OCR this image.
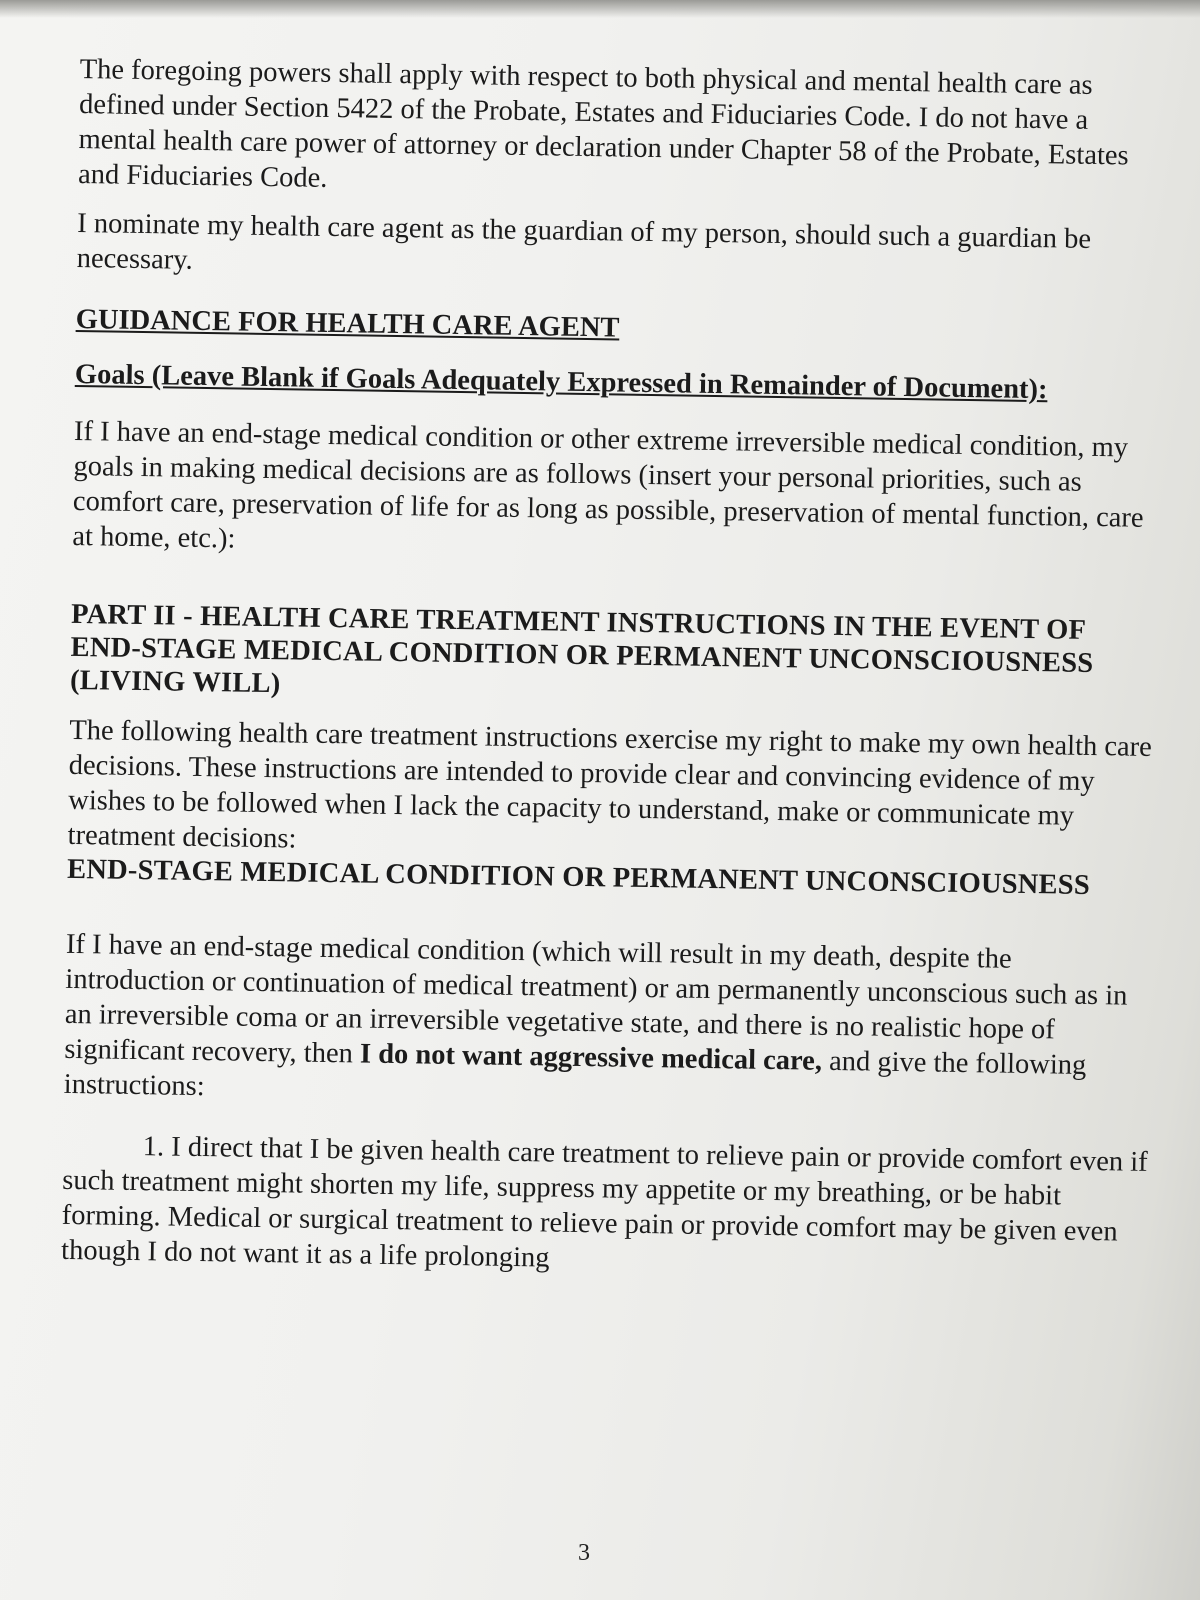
The foregoing powers shall apply with respect to both physical and mental health care as defined under Section 5422 of the Probate, Estates and Fiduciaries Code. I do not have a mental health care power of attorney or declaration under Chapter 58 of the Probate, Estates and Fiduciaries Code.

I nominate my health care agent as the guardian of my person, should such a guardian be necessary.

GUIDANCE FOR HEALTH CARE AGENT

Goals (Leave Blank if Goals Adequately Expressed in Remainder of Document):

If I have an end-stage medical condition or other extreme irreversible medical condition, my goals in making medical decisions are as follows (insert your personal priorities, such as comfort care, preservation of life for as long as possible, preservation of mental function, care at home, etc.):

PART II - HEALTH CARE TREATMENT INSTRUCTIONS IN THE EVENT OF END-STAGE MEDICAL CONDITION OR PERMANENT UNCONSCIOUSNESS (LIVING WILL)

The following health care treatment instructions exercise my right to make my own health care decisions. These instructions are intended to provide clear and convincing evidence of my wishes to be followed when I lack the capacity to understand, make or communicate my treatment decisions:

END-STAGE MEDICAL CONDITION OR PERMANENT UNCONSCIOUSNESS

If I have an end-stage medical condition (which will result in my death, despite the introduction or continuation of medical treatment) or am permanently unconscious such as in an irreversible coma or an irreversible vegetative state, and there is no realistic hope of significant recovery, then I do not want aggressive medical care, and give the following instructions:

1. I direct that I be given health care treatment to relieve pain or provide comfort even if such treatment might shorten my life, suppress my appetite or my breathing, or be habit forming. Medical or surgical treatment to relieve pain or provide comfort may be given even though I do not want it as a life prolonging

3
